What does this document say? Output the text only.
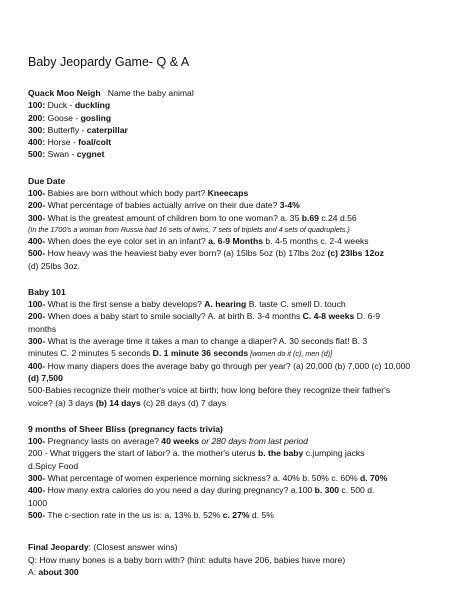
Baby Jeopardy Game- Q & A

Quack Moo Neigh Name the baby animal

100: Duck - duckling

200: Goose - gosling

300: Butterfly - caterpillar

400: Horse - foal/colt

500: Swan - cygnet

Due Date

100- Babies are born without which body part? Kneecaps

200- What percentage of babies actually arrive on their due date? 3-4%

300- What is the greatest amount of children born to one woman? a. 35 b.69 c.24 d.56

(In the 1700's a woman from Russia had 16 sets of twins, 7 sets of triplets and 4 sets of quadruplets.)

400- When does the eye color set in an infant? a. 6-9 Months b. 4-5 months c. 2-4 weeks

500- How heavy was the heaviest baby ever born? (a) 15lbs 5oz (b) 17lbs 2oz (c) 23lbs 12oz

(d) 25lbs 3oz.

Baby 101

100- What is the first sense a baby develops? A. hearing B. taste C. smell D. touch

200- When does a baby start to smile socially? A. at birth B. 3-4 months C. 4-8 weeks D. 6-9

months

300- What is the average time it takes a man to change a diaper? A. 30 seconds flat! B. 3

minutes C. 2 minutes 5 seconds D. 1 minute 36 seconds [women do it (c), men (d)]

400- How many diapers does the average baby go through per year? (a) 20,000 (b) 7,000 (c) 10,000

(d) 7,500

500-Babies recognize their mother's voice at birth; how long before they recognize their father's

voice? (a) 3 days (b) 14 days (c) 28 days (d) 7 days

9 months of Sheer Bliss (pregnancy facts trivia)

100- Pregnancy lasts on average? 40 weeks or 280 days from last period

200 - What triggers the start of labor? a. the mother's uterus b. the baby c.jumping jacks

d.Spicy Food

300- What percentage of women experience morning sickness? a. 40% b. 50% c. 60% d. 70%

400- How many extra calories do you need a day during pregnancy? a.100 b. 300 c. 500 d.

1000

500- The c-section rate in the us is: a. 13% b. 52% c. 27% d. 5%

Final Jeopardy: (Closest answer wins)

Q: How many bones is a baby born with? (hint: adults have 206, babies have more)

A: about 300
